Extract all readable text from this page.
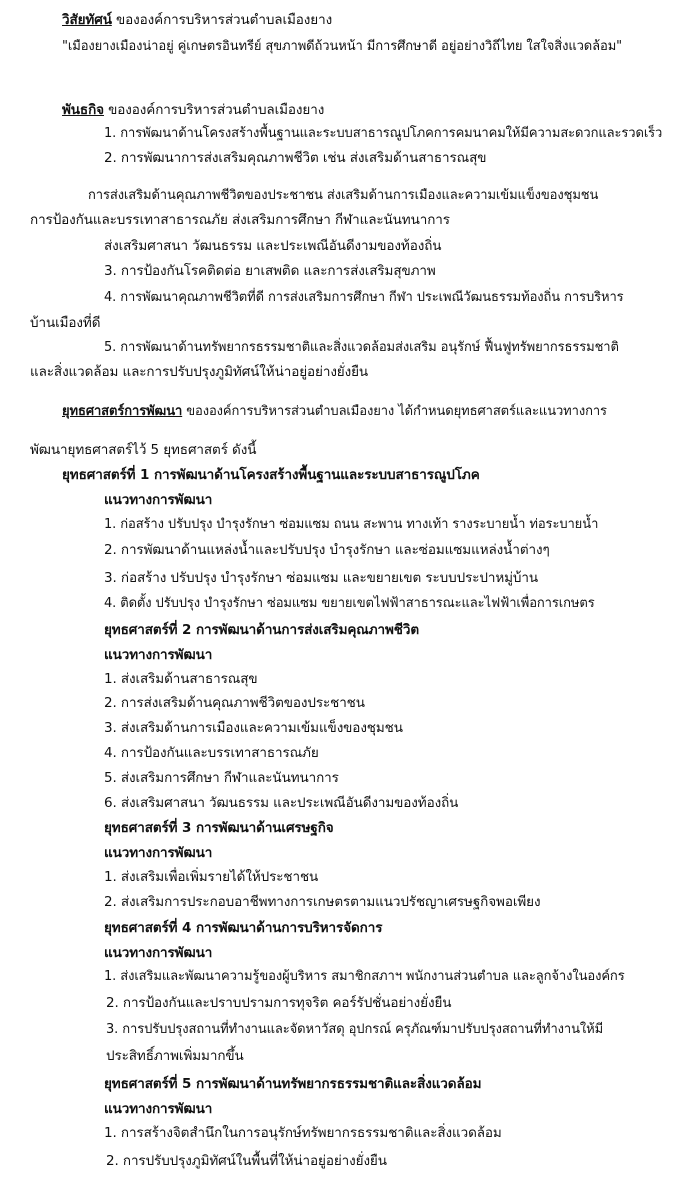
วิสัยทัศน์ ขององค์การบริหารส่วนตำบลเมืองยาง
"เมืองยางเมืองน่าอยู่ คู่เกษตรอินทรีย์ สุขภาพดีถ้วนหน้า มีการศึกษาดี อยู่อย่างวิถีไทย ใสใจสิ่งแวดล้อม"
พันธกิจ ขององค์การบริหารส่วนตำบลเมืองยาง
1. การพัฒนาด้านโครงสร้างพื้นฐานและระบบสาธารณูปโภคการคมนาคมให้มีความสะดวกและรวดเร็ว
2. การพัฒนาการส่งเสริมคุณภาพชีวิต เช่น ส่งเสริมด้านสาธารณสุข
การส่งเสริมด้านคุณภาพชีวิตของประชาชน ส่งเสริมด้านการเมืองและความเข้มแข็งของชุมชน
การป้องกันและบรรเทาสาธารณภัย ส่งเสริมการศึกษา กีฬาและนันทนาการ
ส่งเสริมศาสนา วัฒนธรรม และประเพณีอันดีงามของท้องถิ่น
3. การป้องกันโรคติดต่อ ยาเสพติด และการส่งเสริมสุขภาพ
4. การพัฒนาคุณภาพชีวิตที่ดี การส่งเสริมการศึกษา กีฬา ประเพณีวัฒนธรรมท้องถิ่น การบริหาร
บ้านเมืองที่ดี
5. การพัฒนาด้านทรัพยากรธรรมชาติและสิ่งแวดล้อมส่งเสริม อนุรักษ์ ฟื้นฟูทรัพยากรธรรมชาติ
และสิ่งแวดล้อม และการปรับปรุงภูมิทัศน์ให้น่าอยู่อย่างยั่งยืน
ยุทธศาสตร์การพัฒนา ขององค์การบริหารส่วนตำบลเมืองยาง ได้กำหนดยุทธศาสตร์และแนวทางการ
พัฒนายุทธศาสตร์ไว้ 5 ยุทธศาสตร์ ดังนี้
ยุทธศาสตร์ที่ 1 การพัฒนาด้านโครงสร้างพื้นฐานและระบบสาธารณูปโภค
แนวทางการพัฒนา
1. ก่อสร้าง ปรับปรุง บำรุงรักษา ซ่อมแซม ถนน สะพาน ทางเท้า รางระบายน้ำ ท่อระบายน้ำ
2. การพัฒนาด้านแหล่งน้ำและปรับปรุง บำรุงรักษา และซ่อมแซมแหล่งน้ำต่างๆ
3. ก่อสร้าง ปรับปรุง บำรุงรักษา ซ่อมแซม และขยายเขต ระบบประปาหมู่บ้าน
4. ติดตั้ง ปรับปรุง บำรุงรักษา ซ่อมแซม ขยายเขตไฟฟ้าสาธารณะและไฟฟ้าเพื่อการเกษตร
ยุทธศาสตร์ที่ 2 การพัฒนาด้านการส่งเสริมคุณภาพชีวิต
แนวทางการพัฒนา
1. ส่งเสริมด้านสาธารณสุข
2. การส่งเสริมด้านคุณภาพชีวิตของประชาชน
3. ส่งเสริมด้านการเมืองและความเข้มแข็งของชุมชน
4. การป้องกันและบรรเทาสาธารณภัย
5. ส่งเสริมการศึกษา กีฬาและนันทนาการ
6. ส่งเสริมศาสนา วัฒนธรรม และประเพณีอันดีงามของท้องถิ่น
ยุทธศาสตร์ที่ 3 การพัฒนาด้านเศรษฐกิจ
แนวทางการพัฒนา
1. ส่งเสริมเพื่อเพิ่มรายได้ให้ประชาชน
2. ส่งเสริมการประกอบอาชีพทางการเกษตรตามแนวปรัชญาเศรษฐกิจพอเพียง
ยุทธศาสตร์ที่ 4 การพัฒนาด้านการบริหารจัดการ
แนวทางการพัฒนา
1. ส่งเสริมและพัฒนาความรู้ของผู้บริหาร สมาชิกสภาฯ พนักงานส่วนตำบล และลูกจ้างในองค์กร
2. การป้องกันและปราบปรามการทุจริต คอร์รัปชั่นอย่างยั่งยืน
3. การปรับปรุงสถานที่ทำงานและจัดหาวัสดุ อุปกรณ์ ครุภัณฑ์มาปรับปรุงสถานที่ทำงานให้มี
ประสิทธิ์ภาพเพิ่มมากขึ้น
ยุทธศาสตร์ที่ 5 การพัฒนาด้านทรัพยากรธรรมชาติและสิ่งแวดล้อม
แนวทางการพัฒนา
1. การสร้างจิตสำนึกในการอนุรักษ์ทรัพยากรธรรมชาติและสิ่งแวดล้อม
2. การปรับปรุงภูมิทัศน์ในพื้นที่ให้น่าอยู่อย่างยั่งยืน
